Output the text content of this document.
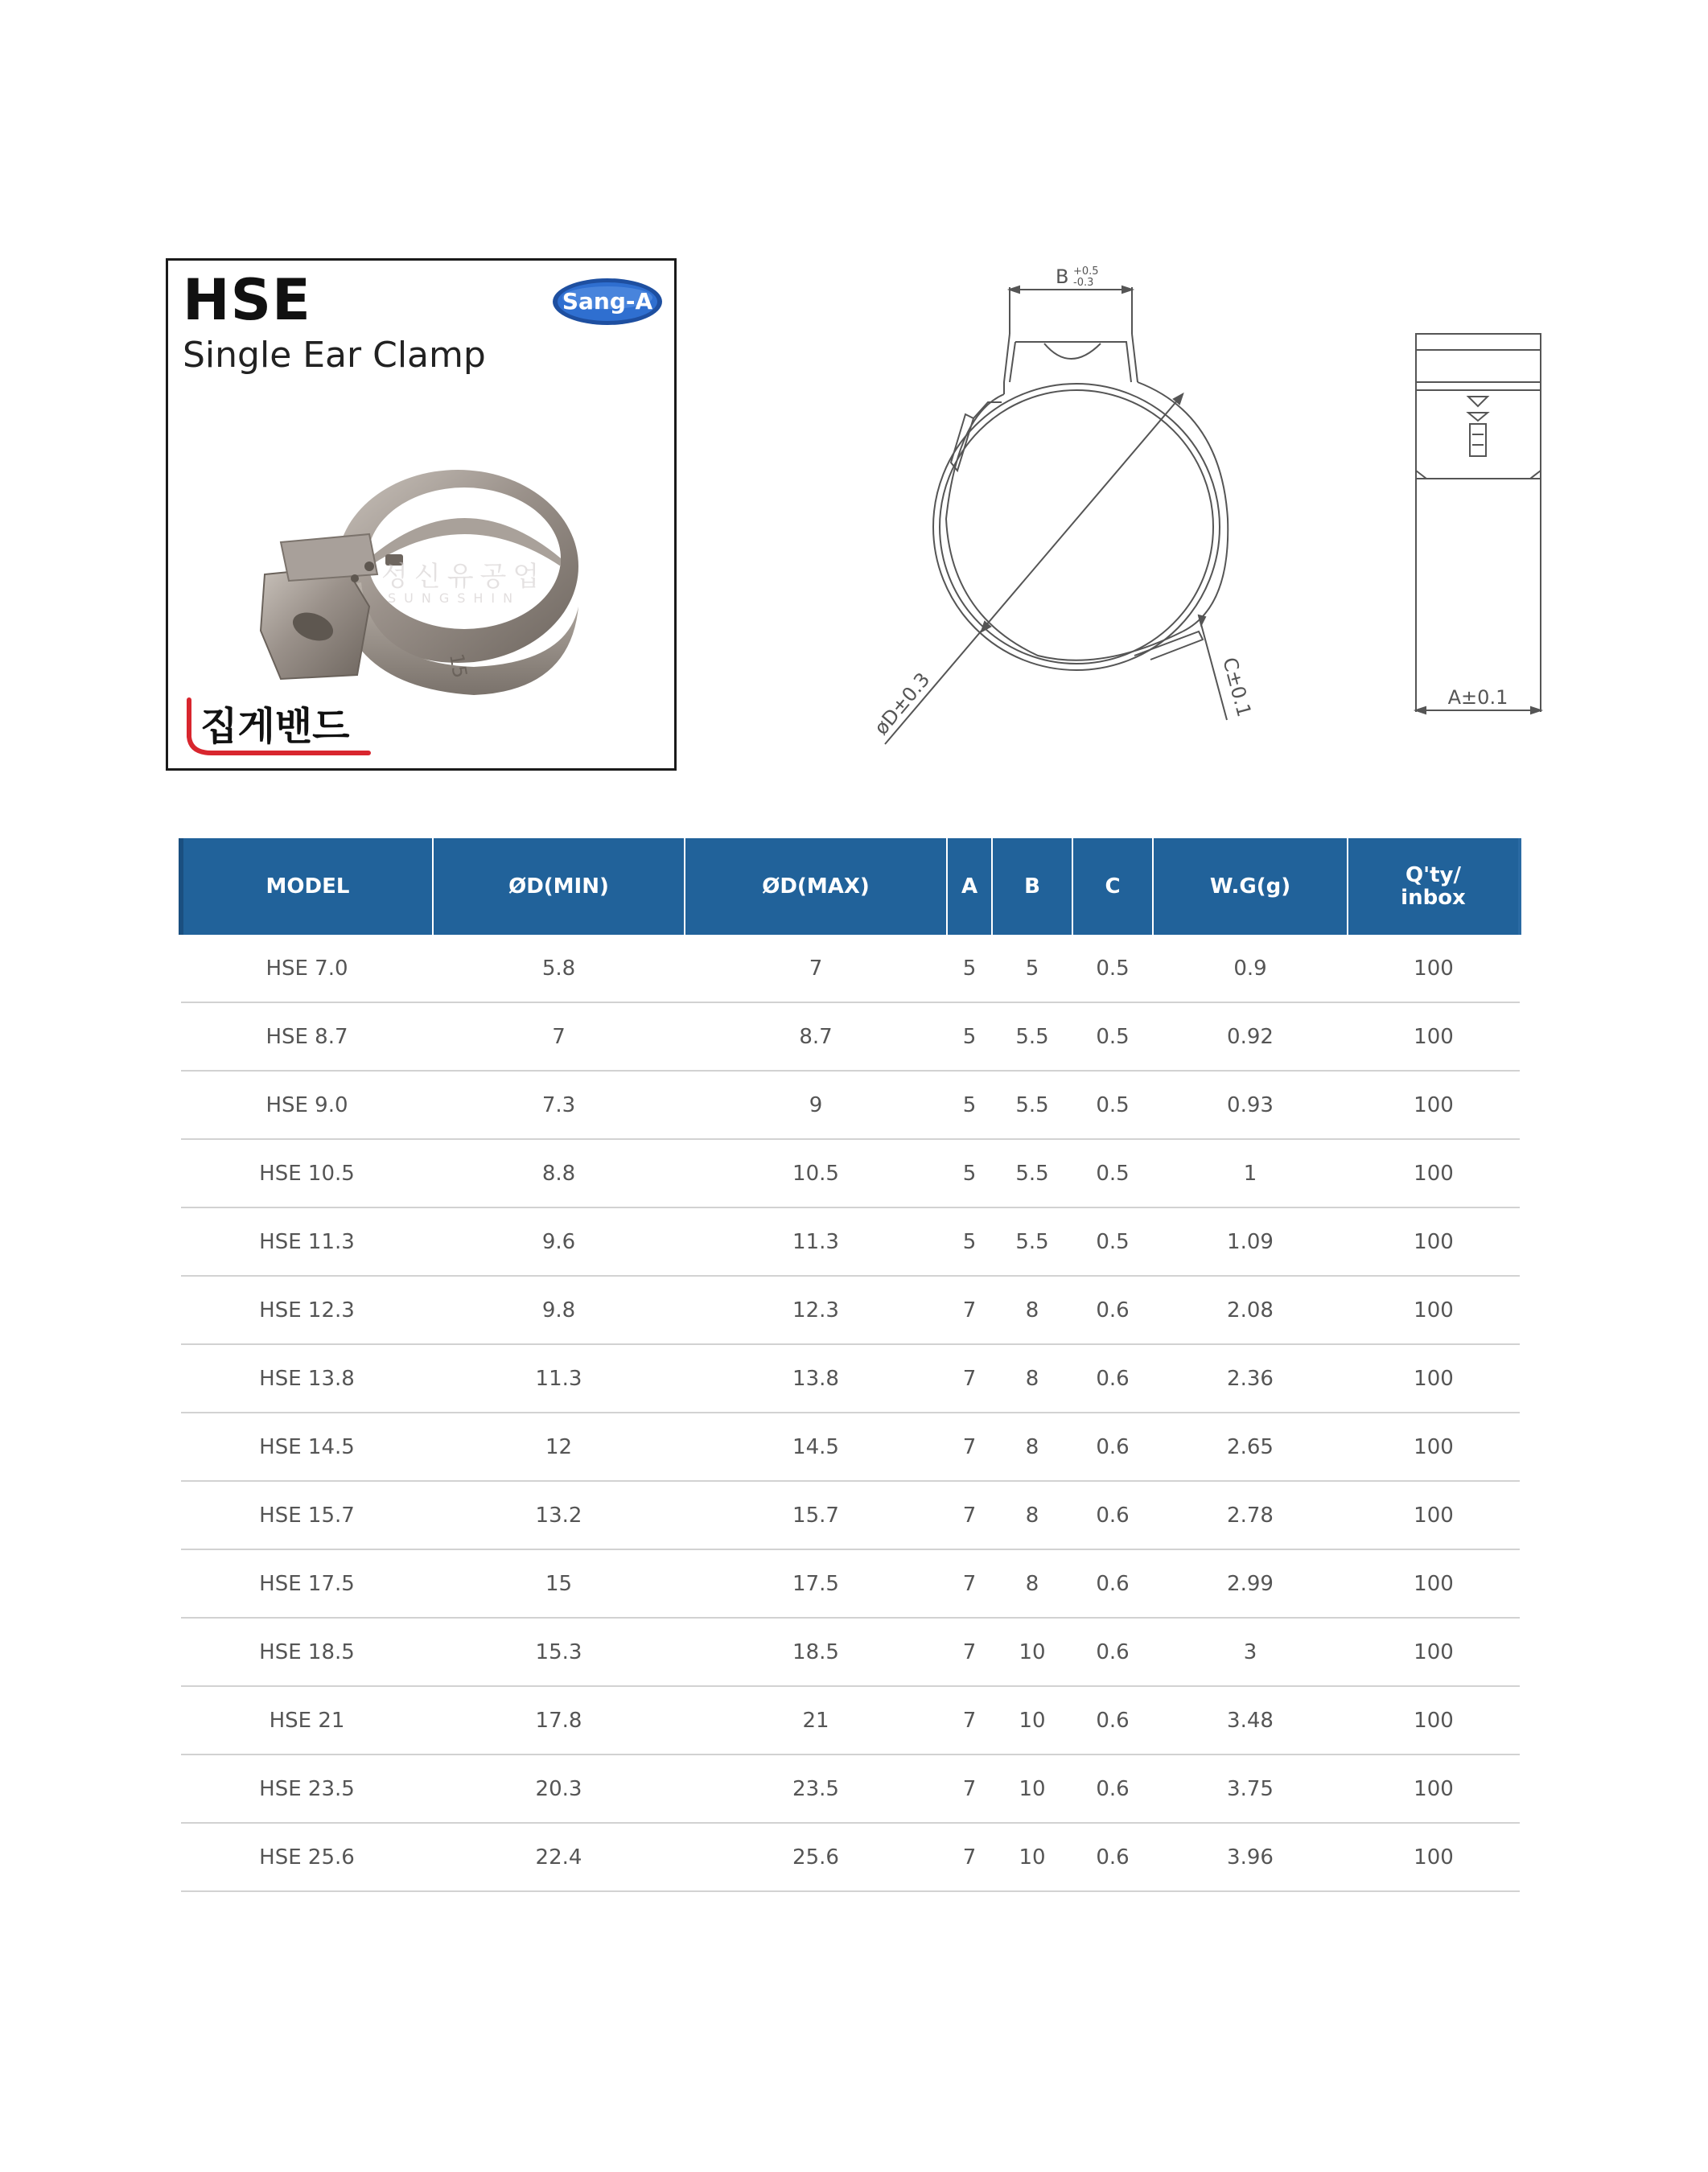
HSE
Single Ear Clamp
Sang-A
15
성신유공업
SUNGSHIN
집게밴드
B +0.5
-0.3
øD±0.3	C±0.1	A±0.1
MODEL	ØD(MIN)	ØD(MAX)	A	B	C	W.G(g)	Q'ty/
inbox
HSE 7.0	5.8	7	5	5	0.5	0.9	100
HSE 8.7	7	8.7	5	5.5	0.5	0.92	100
HSE 9.0	7.3	9	5	5.5	0.5	0.93	100
HSE 10.5	8.8	10.5	5	5.5	0.5	1	100
HSE 11.3	9.6	11.3	5	5.5	0.5	1.09	100
HSE 12.3	9.8	12.3	7	8	0.6	2.08	100
HSE 13.8	11.3	13.8	7	8	0.6	2.36	100
HSE 14.5	12	14.5	7	8	0.6	2.65	100
HSE 15.7	13.2	15.7	7	8	0.6	2.78	100
HSE 17.5	15	17.5	7	8	0.6	2.99	100
HSE 18.5	15.3	18.5	7	10	0.6	3	100
HSE 21	17.8	21	7	10	0.6	3.48	100
HSE 23.5	20.3	23.5	7	10	0.6	3.75	100
HSE 25.6	22.4	25.6	7	10	0.6	3.96	100
